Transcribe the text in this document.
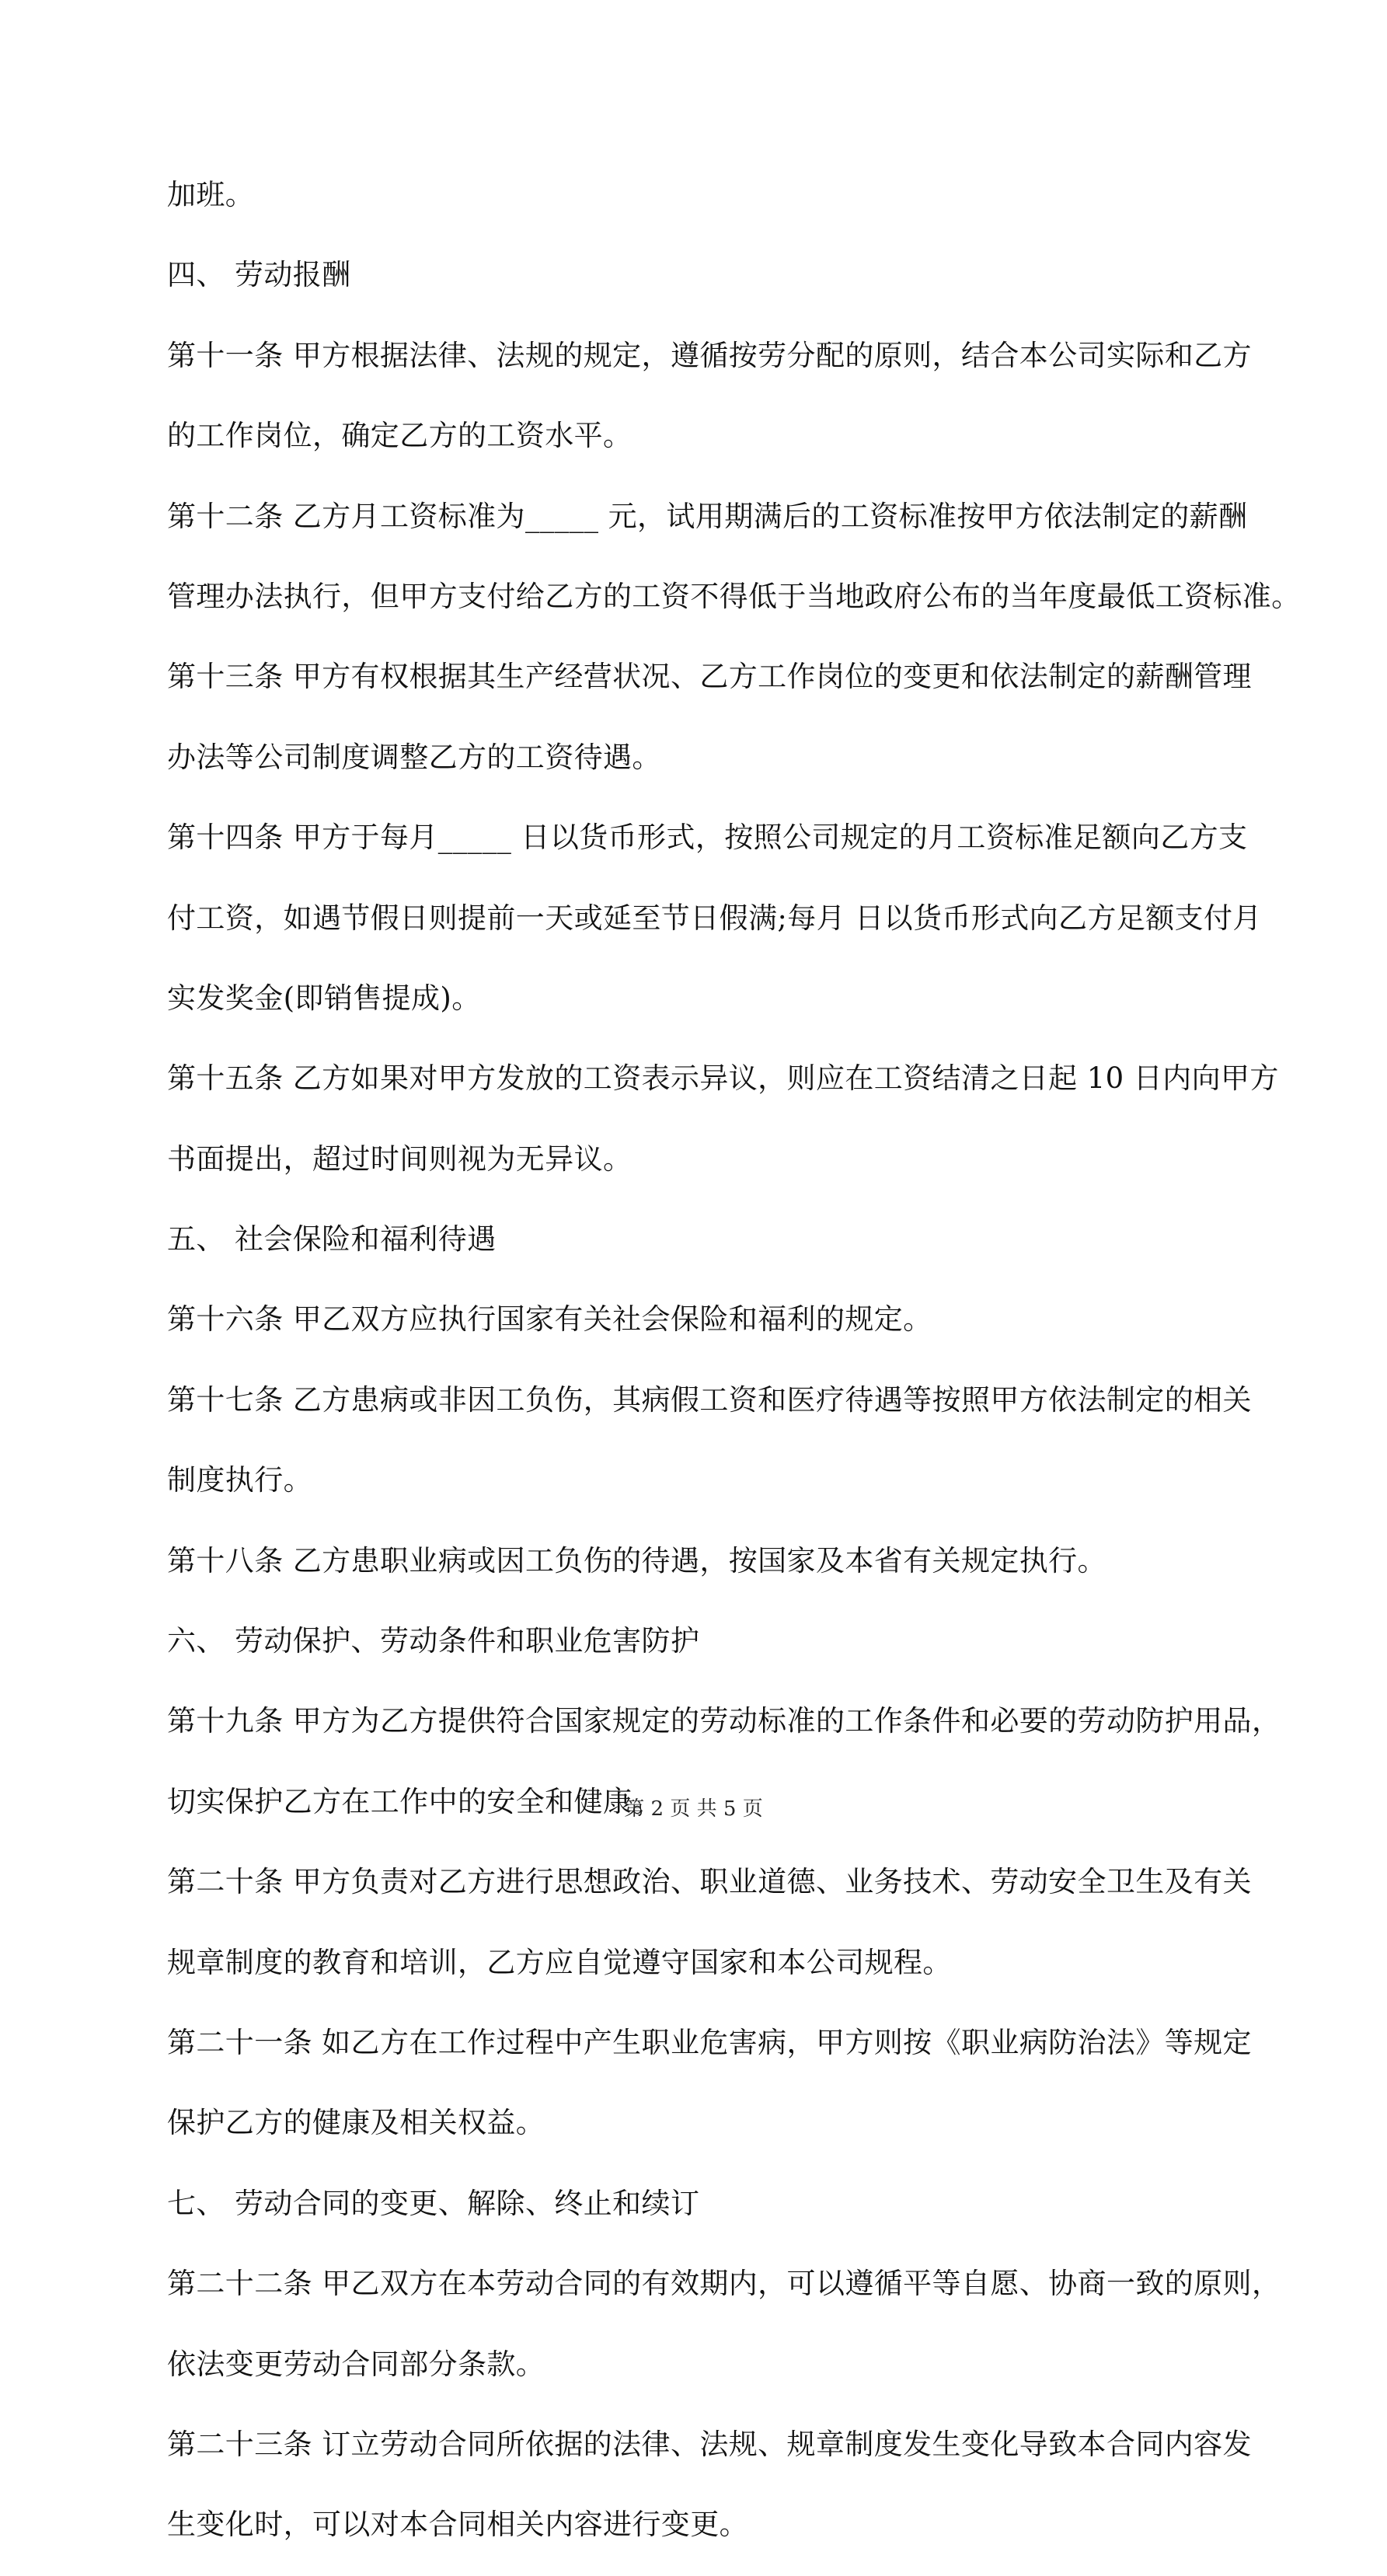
加班。
四、 劳动报酬
第十一条 甲方根据法律、法规的规定，遵循按劳分配的原则，结合本公司实际和乙方
的工作岗位，确定乙方的工资水平。
第十二条 乙方月工资标准为_____ 元，试用期满后的工资标准按甲方依法制定的薪酬
管理办法执行，但甲方支付给乙方的工资不得低于当地政府公布的当年度最低工资标准。
第十三条 甲方有权根据其生产经营状况、乙方工作岗位的变更和依法制定的薪酬管理
办法等公司制度调整乙方的工资待遇。
第十四条 甲方于每月_____ 日以货币形式，按照公司规定的月工资标准足额向乙方支
付工资，如遇节假日则提前一天或延至节日假满;每月 日以货币形式向乙方足额支付月
实发奖金(即销售提成)。
第十五条 乙方如果对甲方发放的工资表示异议，则应在工资结清之日起 10 日内向甲方
书面提出，超过时间则视为无异议。
五、 社会保险和福利待遇
第十六条 甲乙双方应执行国家有关社会保险和福利的规定。
第十七条 乙方患病或非因工负伤，其病假工资和医疗待遇等按照甲方依法制定的相关
制度执行。
第十八条 乙方患职业病或因工负伤的待遇，按国家及本省有关规定执行。
六、 劳动保护、劳动条件和职业危害防护
第十九条 甲方为乙方提供符合国家规定的劳动标准的工作条件和必要的劳动防护用品，
切实保护乙方在工作中的安全和健康。
第二十条 甲方负责对乙方进行思想政治、职业道德、业务技术、劳动安全卫生及有关
规章制度的教育和培训，乙方应自觉遵守国家和本公司规程。
第二十一条 如乙方在工作过程中产生职业危害病，甲方则按《职业病防治法》等规定
保护乙方的健康及相关权益。
七、 劳动合同的变更、解除、终止和续订
第二十二条 甲乙双方在本劳动合同的有效期内，可以遵循平等自愿、协商一致的原则，
依法变更劳动合同部分条款。
第二十三条 订立劳动合同所依据的法律、法规、规章制度发生变化导致本合同内容发
生变化时，可以对本合同相关内容进行变更。
第 2 页 共 5 页
